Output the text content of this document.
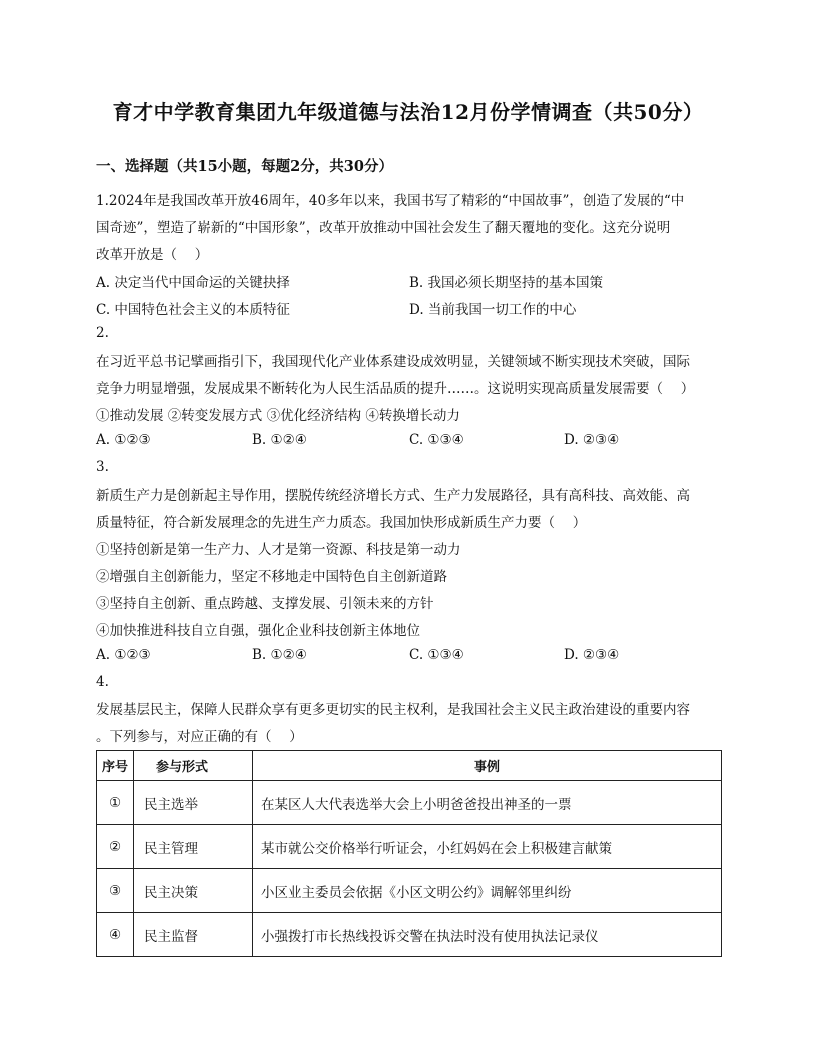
育才中学教育集团九年级道德与法治12月份学情调查（共50分）
一、选择题（共15小题，每题2分，共30分）
1.2024年是我国改革开放46周年，40多年以来，我国书写了精彩的“中国故事”，创造了发展的“中
国奇迹”，塑造了崭新的“中国形象”，改革开放推动中国社会发生了翻天覆地的变化。这充分说明
改革开放是（　 ）
A. 决定当代中国命运的关键抉择	B. 我国必须长期坚持的基本国策
C. 中国特色社会主义的本质特征	D. 当前我国一切工作的中心
2.
在习近平总书记擘画指引下，我国现代化产业体系建设成效明显，关键领域不断实现技术突破，国际
竞争力明显增强，发展成果不断转化为人民生活品质的提升……。这说明实现高质量发展需要（　 ）
①推动发展 ②转变发展方式 ③优化经济结构 ④转换增长动力
A. ①②③	B. ①②④	C. ①③④	D. ②③④
3.
新质生产力是创新起主导作用，摆脱传统经济增长方式、生产力发展路径，具有高科技、高效能、高
质量特征，符合新发展理念的先进生产力质态。我国加快形成新质生产力要（　 ）
①坚持创新是第一生产力、人才是第一资源、科技是第一动力
②增强自主创新能力，坚定不移地走中国特色自主创新道路
③坚持自主创新、重点跨越、支撑发展、引领未来的方针
④加快推进科技自立自强，强化企业科技创新主体地位
A. ①②③	B. ①②④	C. ①③④	D. ②③④
4.
发展基层民主，保障人民群众享有更多更切实的民主权利，是我国社会主义民主政治建设的重要内容
。下列参与，对应正确的有（　 ）
序号	参与形式	事例
①	民主选举	在某区人大代表选举大会上小明爸爸投出神圣的一票
②	民主管理	某市就公交价格举行听证会，小红妈妈在会上积极建言献策
③	民主决策	小区业主委员会依据《小区文明公约》调解邻里纠纷
④	民主监督	小强拨打市长热线投诉交警在执法时没有使用执法记录仪
